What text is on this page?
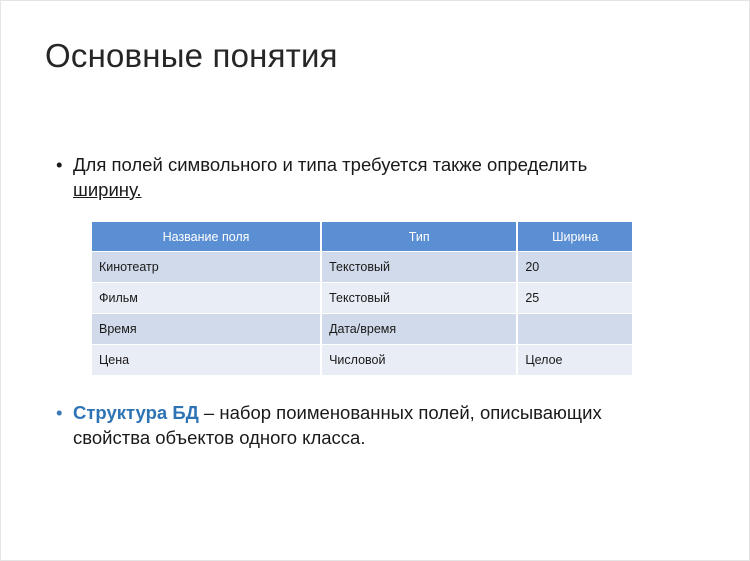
Основные понятия
• Для полей символьного и типа требуется также определить
ширину.
Название поля	Тип	Ширина
Кинотеатр	Текстовый	20
Фильм	Текстовый	25
Время	Дата/время	
Цена	Числовой	Целое
• Структура БД – набор поименованных полей, описывающих
свойства объектов одного класса.
